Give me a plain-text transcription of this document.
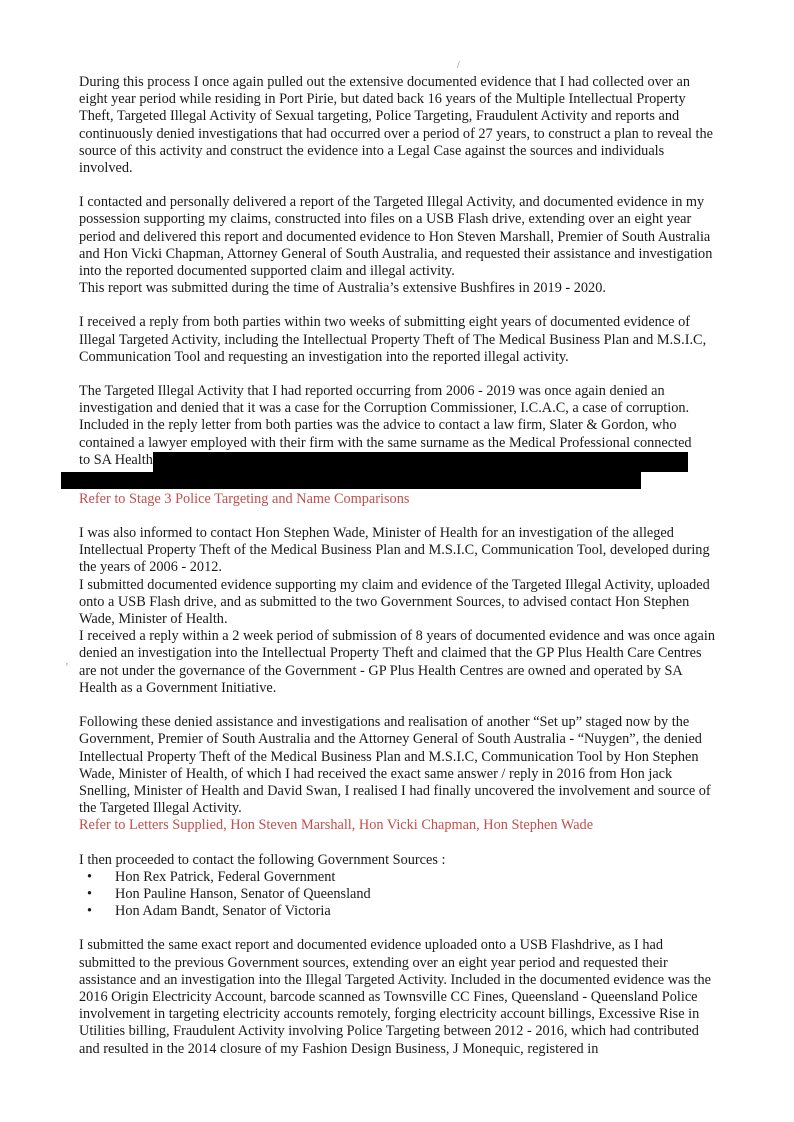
/
'

During this process I once again pulled out the extensive documented evidence that I had collected over an eight year period while residing in Port Pirie, but dated back 16 years of the Multiple Intellectual Property Theft, Targeted Illegal Activity of Sexual targeting, Police Targeting, Fraudulent Activity and reports and continuously denied investigations that had occurred over a period of 27 years, to construct a plan to reveal the source of this activity and construct the evidence into a Legal Case against the sources and individuals involved.

I contacted and personally delivered a report of the Targeted Illegal Activity, and documented evidence in my possession supporting my claims, constructed into files on a USB Flash drive, extending over an eight year period and delivered this report and documented evidence to Hon Steven Marshall, Premier of South Australia and Hon Vicki Chapman, Attorney General of South Australia, and requested their assistance and investigation into the reported documented supported claim and illegal activity.

This report was submitted during the time of Australia’s extensive Bushfires in 2019 - 2020.

I received a reply from both parties within two weeks of submitting eight years of documented evidence of Illegal Targeted Activity, including the Intellectual Property Theft of The Medical Business Plan and M.S.I.C, Communication Tool and requesting an investigation into the reported illegal activity.

The Targeted Illegal Activity that I had reported occurring from 2006 - 2019 was once again denied an investigation and denied that it was a case for the Corruption Commissioner, I.C.A.C, a case of corruption. Included in the reply letter from both parties was the advice to contact a law firm, Slater & Gordon, who contained a lawyer employed with their firm with the same surname as the Medical Professional connected

to SA Health

Refer to Stage 3 Police Targeting and Name Comparisons

I was also informed to contact Hon Stephen Wade, Minister of Health for an investigation of the alleged Intellectual Property Theft of the Medical Business Plan and M.S.I.C, Communication Tool, developed during the years of 2006 - 2012.

I submitted documented evidence supporting my claim and evidence of the Targeted Illegal Activity, uploaded onto a USB Flash drive, and as submitted to the two Government Sources, to advised contact Hon Stephen Wade, Minister of Health.

I received a reply within a 2 week period of submission of 8 years of documented evidence and was once again denied an investigation into the Intellectual Property Theft and claimed that the GP Plus Health Care Centres are not under the governance of the Government - GP Plus Health Centres are owned and operated by SA Health as a Government Initiative.

Following these denied assistance and investigations and realisation of another “Set up” staged now by the Government, Premier of South Australia and the Attorney General of South Australia - “Nuygen”, the denied Intellectual Property Theft of the Medical Business Plan and M.S.I.C, Communication Tool by Hon Stephen Wade, Minister of Health, of which I had received the exact same answer / reply in 2016 from Hon jack Snelling, Minister of Health and David Swan, I realised I had finally uncovered the involvement and source of the Targeted Illegal Activity.

Refer to Letters Supplied, Hon Steven Marshall, Hon Vicki Chapman, Hon Stephen Wade

I then proceeded to contact the following Government Sources :

• Hon Rex Patrick, Federal Government
• Hon Pauline Hanson, Senator of Queensland
• Hon Adam Bandt, Senator of Victoria

I submitted the same exact report and documented evidence uploaded onto a USB Flashdrive, as I had submitted to the previous Government sources, extending over an eight year period and requested their assistance and an investigation into the Illegal Targeted Activity. Included in the documented evidence was the 2016 Origin Electricity Account, barcode scanned as Townsville CC Fines, Queensland - Queensland Police involvement in targeting electricity accounts remotely, forging electricity account billings, Excessive Rise in Utilities billing, Fraudulent Activity involving Police Targeting between 2012 - 2016, which had contributed and resulted in the 2014 closure of my Fashion Design Business, J Monequic, registered in
